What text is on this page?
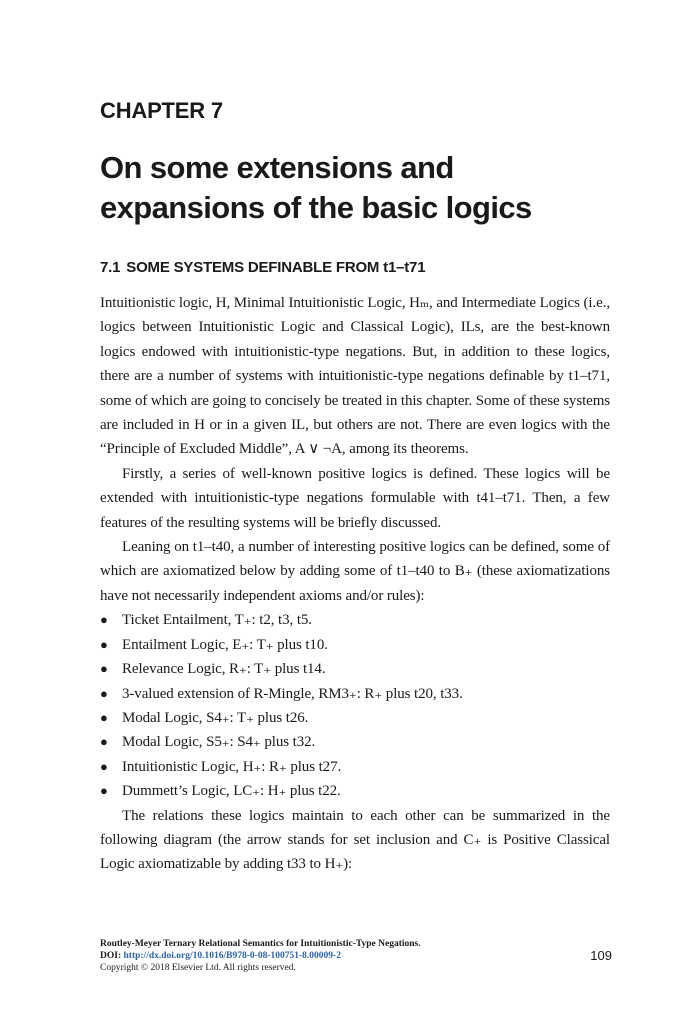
CHAPTER 7
On some extensions and
expansions of the basic logics
7.1 SOME SYSTEMS DEFINABLE FROM t1–t71

Intuitionistic logic, H, Minimal Intuitionistic Logic, Hₘ, and Intermediate Logics (i.e., logics between Intuitionistic Logic and Classical Logic), ILs, are the best-known logics endowed with intuitionistic-type negations. But, in addition to these logics, there are a number of systems with intuitionistic-type negations definable by t1–t71, some of which are going to concisely be treated in this chapter. Some of these systems are included in H or in a given IL, but others are not. There are even logics with the “Principle of Excluded Middle”, A ∨ ¬A, among its theorems.

Firstly, a series of well-known positive logics is defined. These logics will be extended with intuitionistic-type negations formulable with t41–t71. Then, a few features of the resulting systems will be briefly discussed.

Leaning on t1–t40, a number of interesting positive logics can be defined, some of which are axiomatized below by adding some of t1–t40 to B₊ (these axiomatizations have not necessarily independent axioms and/or rules):

● Ticket Entailment, T₊: t2, t3, t5.
● Entailment Logic, E₊: T₊ plus t10.
● Relevance Logic, R₊: T₊ plus t14.
● 3-valued extension of R-Mingle, RM3₊: R₊ plus t20, t33.
● Modal Logic, S4₊: T₊ plus t26.
● Modal Logic, S5₊: S4₊ plus t32.
● Intuitionistic Logic, H₊: R₊ plus t27.
● Dummett’s Logic, LC₊: H₊ plus t22.

The relations these logics maintain to each other can be summarized in the following diagram (the arrow stands for set inclusion and C₊ is Positive Classical Logic axiomatizable by adding t33 to H₊):

Routley-Meyer Ternary Relational Semantics for Intuitionistic-Type Negations.
DOI: http://dx.doi.org/10.1016/B978-0-08-100751-8.00009-2
Copyright © 2018 Elsevier Ltd. All rights reserved.
109
